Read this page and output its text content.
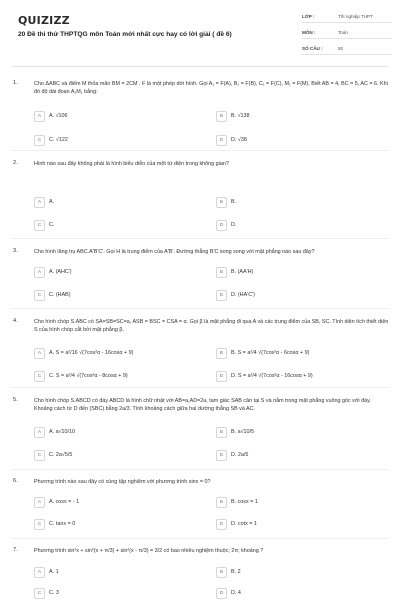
QUIZIZZ
20 Đề thi thử THPTQG môn Toán mới nhất cực hay có lời giải ( đề 6)
LỚP :	Tốt nghiệp THPT
MÔN :	Toán
SỐ CÂU :	50
1.	Cho ΔABC và điểm M thỏa mãn BM = 2CM . F là một phép dời hình. Gọi A₁ = F(A), B₁ = F(B), C₁ = F(C), M₁ = F(M). Biết AB = 4, BC = 5, AC = 6. Khi đó độ dài đoạn A₁M₁ bằng:
A	A. √106	B	B. √138
C	C. √122	D	D. √38
2.	Hình nào sau đây không phải là hình biểu diễn của một tứ diện trong không gian?
A	A.	B	B.
C	C.	D	D.
3.	Cho hình lăng trụ ABC.A'B'C'. Gọi H là trung điểm của A'B'. Đường thẳng B'C song song với mặt phẳng nào sau đây?
A	A. (AHC')	B	B. (AA'H)
C	C. (HAB)	D	D. (HA'C')
4.	Cho hình chóp S.ABC có SA=SB=SC=a, ASB = BSC = CSA = α. Gọi β là mặt phẳng đi qua A và các trung điểm của SB, SC. Tính diện tích thiết diện S của hình chóp cắt bởi mặt phẳng β.
A	A. S = a²/16 √(7cos²α - 16cosα + 9)	B	B. S = a²/4 √(7cos²α - 6cosα + 9)
C	C. S = a²/4 √(7cos²α - 8cosα + 9)	D	D. S = a²/4 √(7cos²α - 16cosα + 9)
5.	Cho hình chóp S.ABCD có đáy ABCD là hình chữ nhật với AB=a,AD=2a, tam giác SAB cân tại S và nằm trong mặt phẳng vuông góc với đáy. Khoảng cách từ D đến (SBC) bằng 2a/3. Tính khoảng cách giữa hai đường thẳng SB và AC.
A	A. a√10/10	B	B. a√10/5
C	C. 2a√5/5	D	D. 2a/5
6.	Phương trình nào sau đây có cùng tập nghiệm với phương trình sinx = 0?
A	A. cosx = - 1	B	B. cosx = 1
C	C. tanx = 0	D	D. cotx = 1
7.	Phương trình sin²x + sin²(x + π/3) + sin²(x - π/3) = 3/2 có bao nhiêu nghiệm thuộc; 2π; khoảng ?
A	A. 1	B	B. 2
C	C. 3	D	D. 4
